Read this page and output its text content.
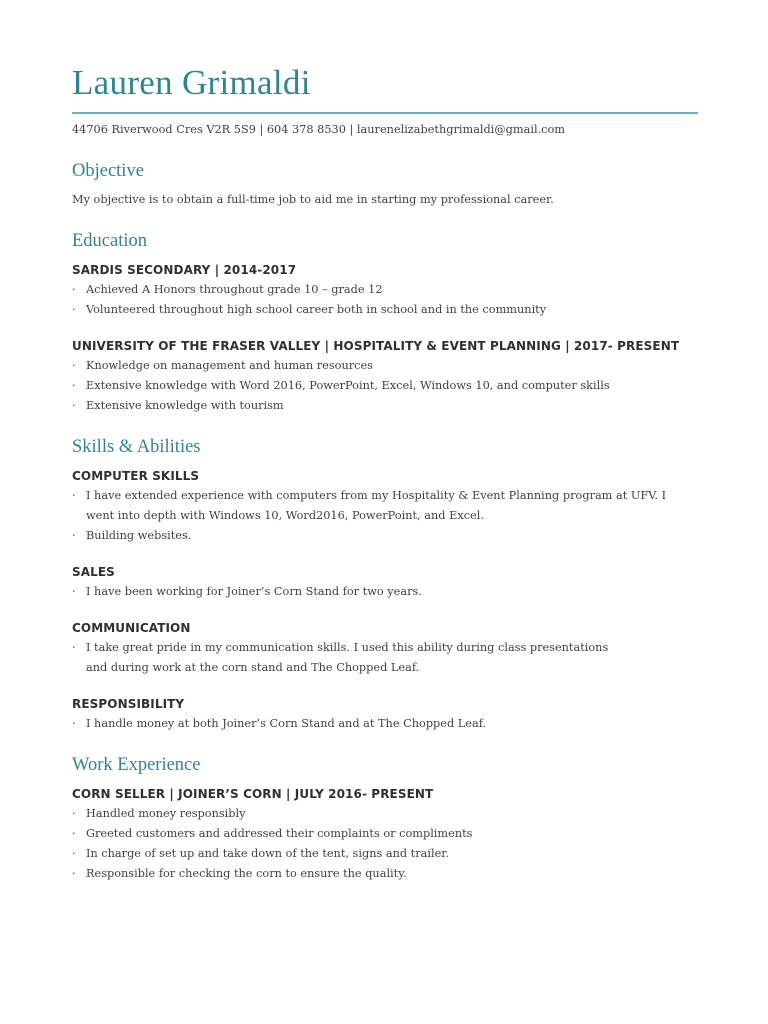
Lauren Grimaldi
44706 Riverwood Cres V2R 5S9 | 604 378 8530 | laurenelizabethgrimaldi@gmail.com
Objective

My objective is to obtain a full-time job to aid me in starting my professional career.

Education
SARDIS SECONDARY | 2014-2017
· Achieved A Honors throughout grade 10 – grade 12
· Volunteered throughout high school career both in school and in the community
UNIVERSITY OF THE FRASER VALLEY | HOSPITALITY & EVENT PLANNING | 2017- PRESENT
· Knowledge on management and human resources
· Extensive knowledge with Word 2016, PowerPoint, Excel, Windows 10, and computer skills
· Extensive knowledge with tourism
Skills & Abilities
COMPUTER SKILLS
· I have extended experience with computers from my Hospitality & Event Planning program at UFV. I
went into depth with Windows 10, Word2016, PowerPoint, and Excel.
· Building websites.
SALES
· I have been working for Joiner’s Corn Stand for two years.
COMMUNICATION
· I take great pride in my communication skills. I used this ability during class presentations
and during work at the corn stand and The Chopped Leaf.
RESPONSIBILITY
· I handle money at both Joiner’s Corn Stand and at The Chopped Leaf.
Work Experience
CORN SELLER | JOINER’S CORN | JULY 2016- PRESENT
· Handled money responsibly
· Greeted customers and addressed their complaints or compliments
· In charge of set up and take down of the tent, signs and trailer.
· Responsible for checking the corn to ensure the quality.
